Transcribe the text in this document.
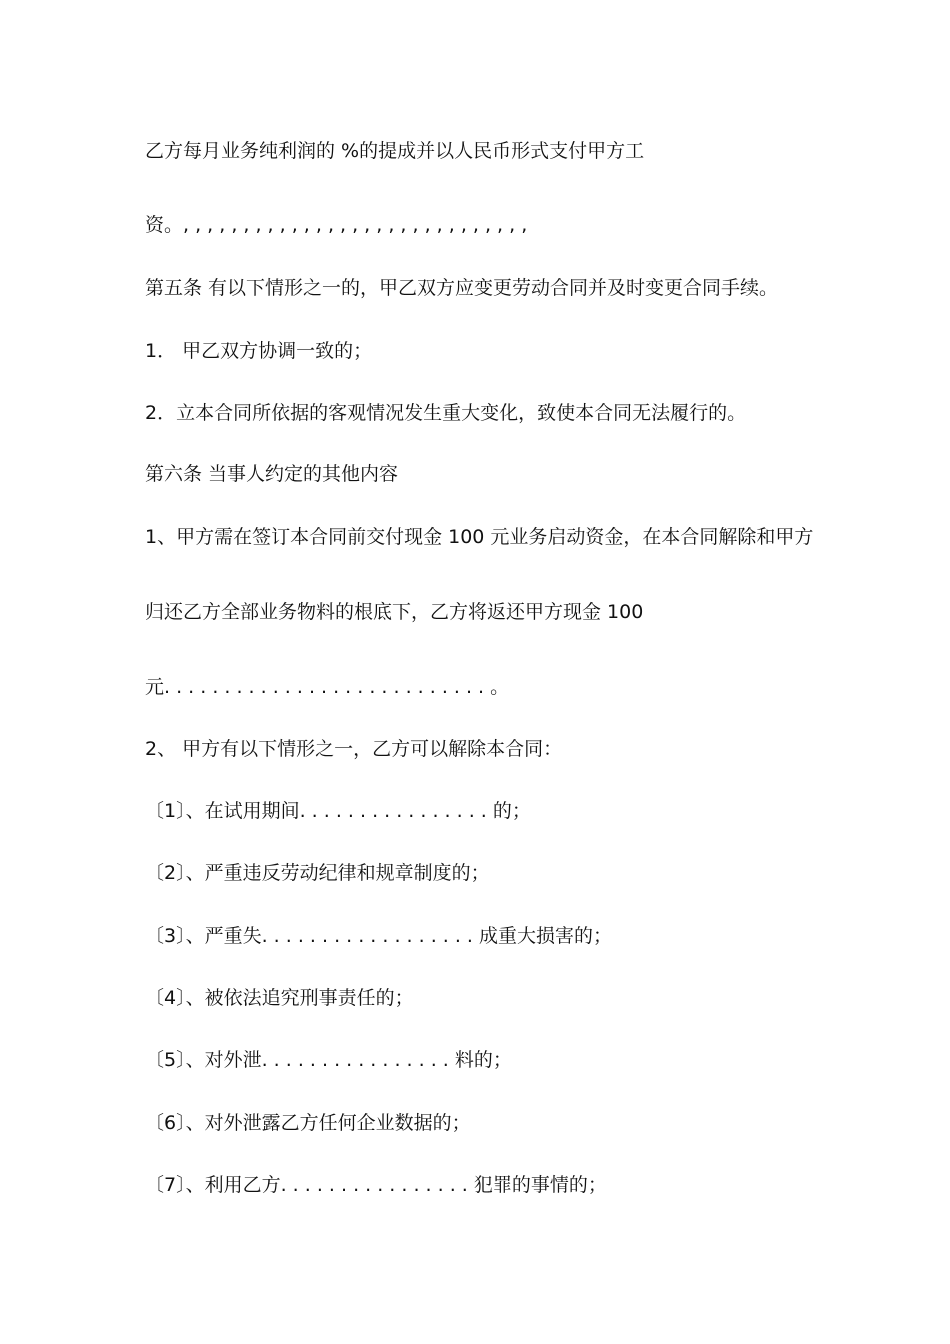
乙方每月业务纯利润的 %的提成并以人民币形式支付甲方工
资。, , , , , , , , , , , , , , , , , , , , , , , , , , , , ,
第五条 有以下情形之一的，甲乙双方应变更劳动合同并及时变更合同手续。
1． 甲乙双方协调一致的；
2．立本合同所依据的客观情况发生重大变化，致使本合同无法履行的。
第六条 当事人约定的其他内容
1、甲方需在签订本合同前交付现金 100 元业务启动资金，在本合同解除和甲方
归还乙方全部业务物料的根底下，乙方将返还甲方现金 100
元. . . . . . . . . . . . . . . . . . . . . . . . . . . 。
2、 甲方有以下情形之一，乙方可以解除本合同：
〔1〕、在试用期间. . . . . . . . . . . . . . . . 的；
〔2〕、严重违反劳动纪律和规章制度的；
〔3〕、严重失. . . . . . . . . . . . . . . . . . 成重大损害的；
〔4〕、被依法追究刑事责任的；
〔5〕、对外泄. . . . . . . . . . . . . . . . 料的；
〔6〕、对外泄露乙方任何企业数据的；
〔7〕、利用乙方. . . . . . . . . . . . . . . . 犯罪的事情的；
